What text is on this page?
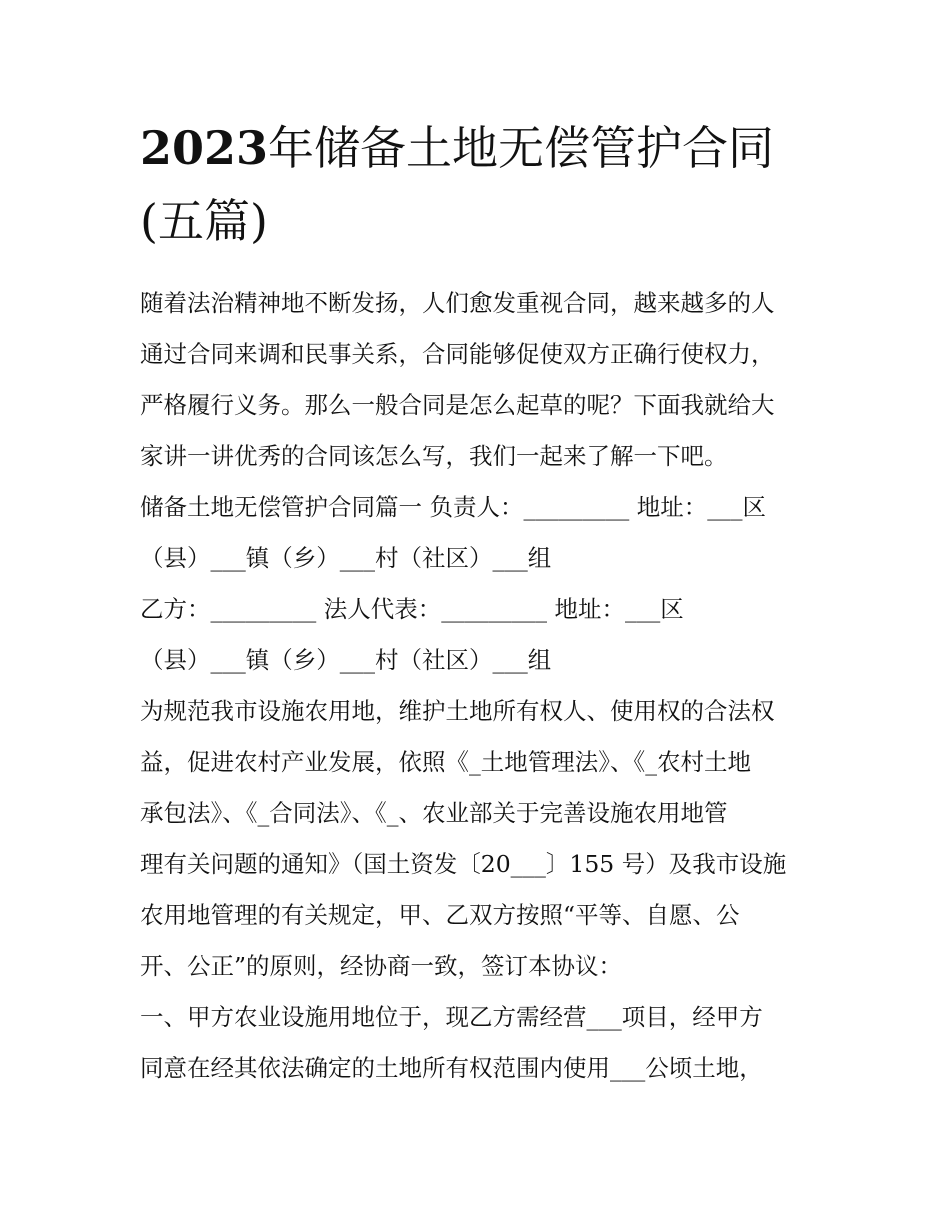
2023年储备土地无偿管护合同
(五篇)
随着法治精神地不断发扬，人们愈发重视合同，越来越多的人
通过合同来调和民事关系，合同能够促使双方正确行使权力，
严格履行义务。那么一般合同是怎么起草的呢？下面我就给大
家讲一讲优秀的合同该怎么写，我们一起来了解一下吧。
储备土地无偿管护合同篇一 负责人：_________ 地址：___区
（县）___镇（乡）___村（社区）___组
乙方：_________ 法人代表：_________ 地址：___区
（县）___镇（乡）___村（社区）___组
为规范我市设施农用地，维护土地所有权人、使用权的合法权
益，促进农村产业发展，依照《_土地管理法》、《_农村土地
承包法》、《_合同法》、《_、农业部关于完善设施农用地管
理有关问题的通知》（国土资发〔20___〕155 号）及我市设施
农用地管理的有关规定，甲、乙双方按照“平等、自愿、公
开、公正”的原则，经协商一致，签订本协议：
一、甲方农业设施用地位于，现乙方需经营___项目，经甲方
同意在经其依法确定的土地所有权范围内使用___公顷土地，
